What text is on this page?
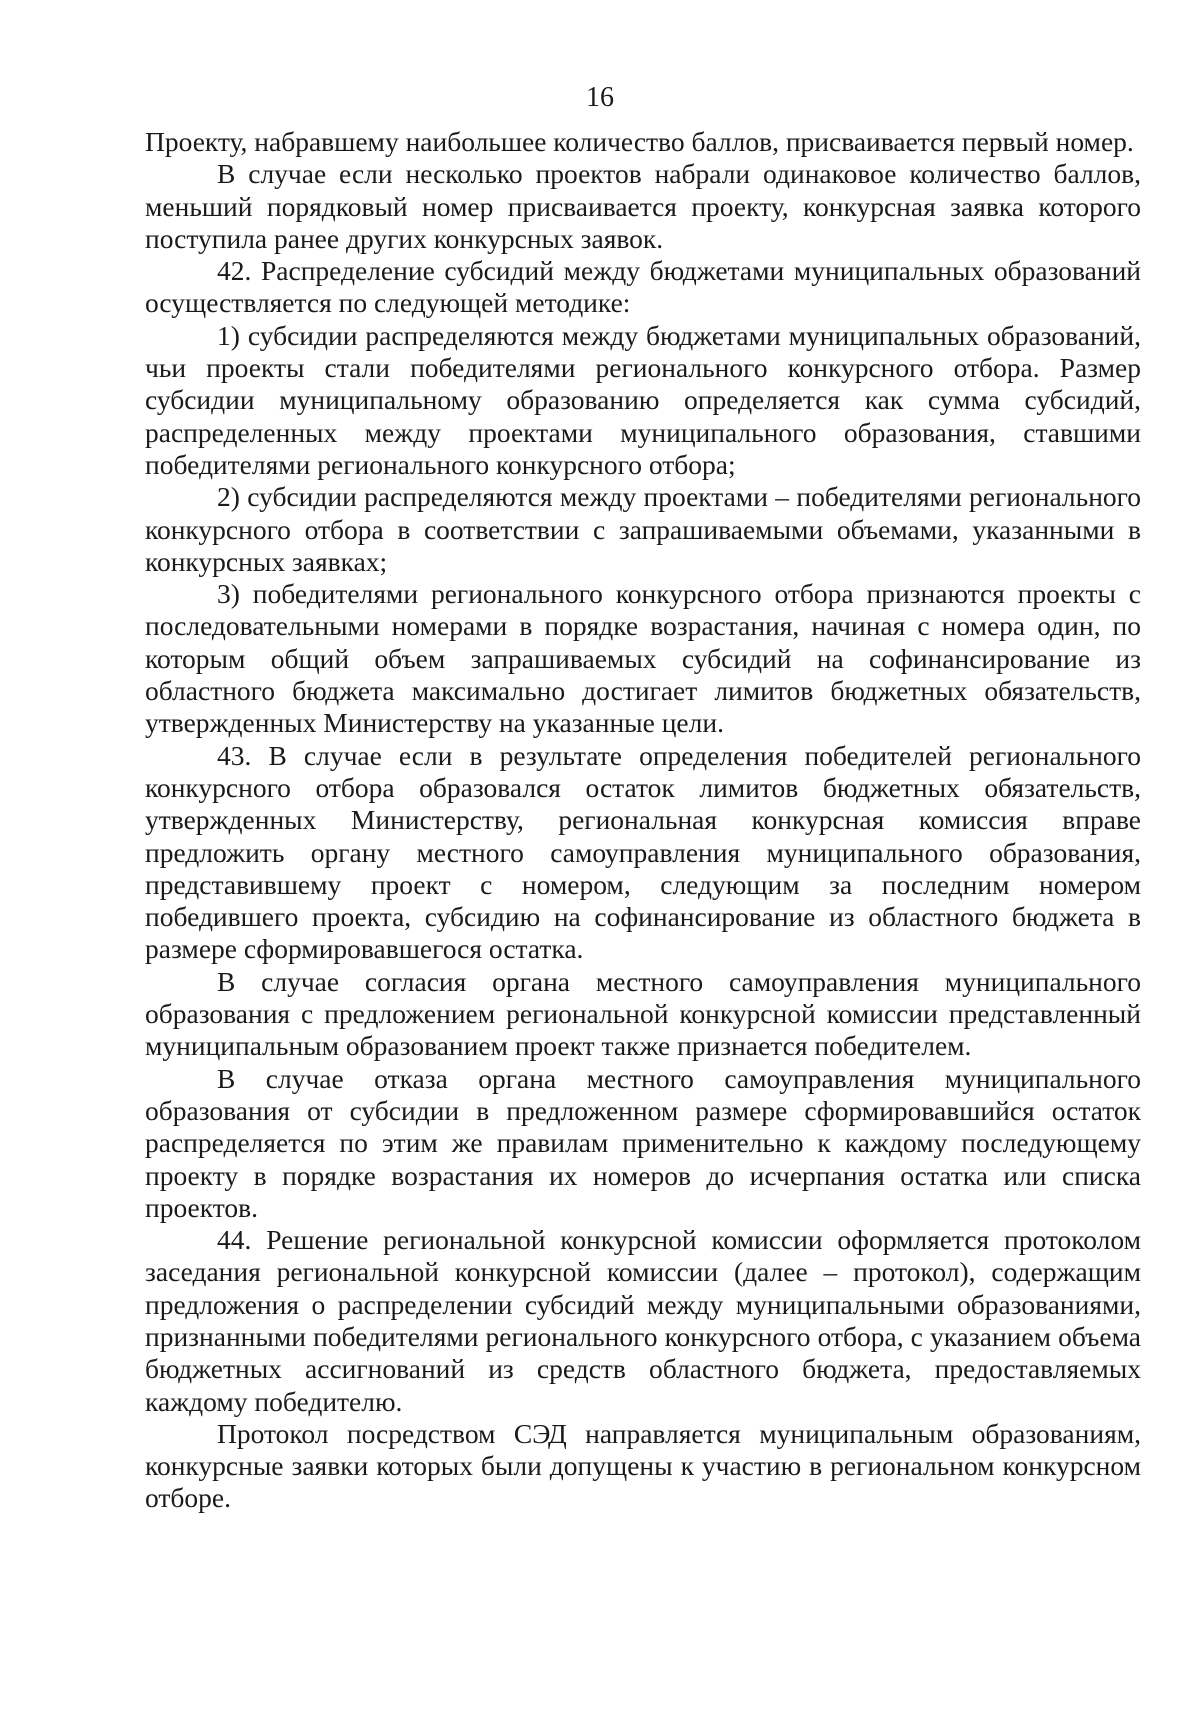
16

Проекту, набравшему наибольшее количество баллов, присваивается первый номер.

В случае если несколько проектов набрали одинаковое количество баллов, меньший порядковый номер присваивается проекту, конкурсная заявка которого поступила ранее других конкурсных заявок.

42. Распределение субсидий между бюджетами муниципальных образований осуществляется по следующей методике:

1) субсидии распределяются между бюджетами муниципальных образований, чьи проекты стали победителями регионального конкурсного отбора. Размер субсидии муниципальному образованию определяется как сумма субсидий, распределенных между проектами муниципального образования, ставшими победителями регионального конкурсного отбора;

2) субсидии распределяются между проектами – победителями регионального конкурсного отбора в соответствии с запрашиваемыми объемами, указанными в конкурсных заявках;

3) победителями регионального конкурсного отбора признаются проекты с последовательными номерами в порядке возрастания, начиная с номера один, по которым общий объем запрашиваемых субсидий на софинансирование из областного бюджета максимально достигает лимитов бюджетных обязательств, утвержденных Министерству на указанные цели.

43. В случае если в результате определения победителей регионального конкурсного отбора образовался остаток лимитов бюджетных обязательств, утвержденных Министерству, региональная конкурсная комиссия вправе предложить органу местного самоуправления муниципального образования, представившему проект с номером, следующим за последним номером победившего проекта, субсидию на софинансирование из областного бюджета в размере сформировавшегося остатка.

В случае согласия органа местного самоуправления муниципального образования с предложением региональной конкурсной комиссии представленный муниципальным образованием проект также признается победителем.

В случае отказа органа местного самоуправления муниципального образования от субсидии в предложенном размере сформировавшийся остаток распределяется по этим же правилам применительно к каждому последующему проекту в порядке возрастания их номеров до исчерпания остатка или списка проектов.

44. Решение региональной конкурсной комиссии оформляется протоколом заседания региональной конкурсной комиссии (далее – протокол), содержащим предложения о распределении субсидий между муниципальными образованиями, признанными победителями регионального конкурсного отбора, с указанием объема бюджетных ассигнований из средств областного бюджета, предоставляемых каждому победителю.

Протокол посредством СЭД направляется муниципальным образованиям, конкурсные заявки которых были допущены к участию в региональном конкурсном отборе.
